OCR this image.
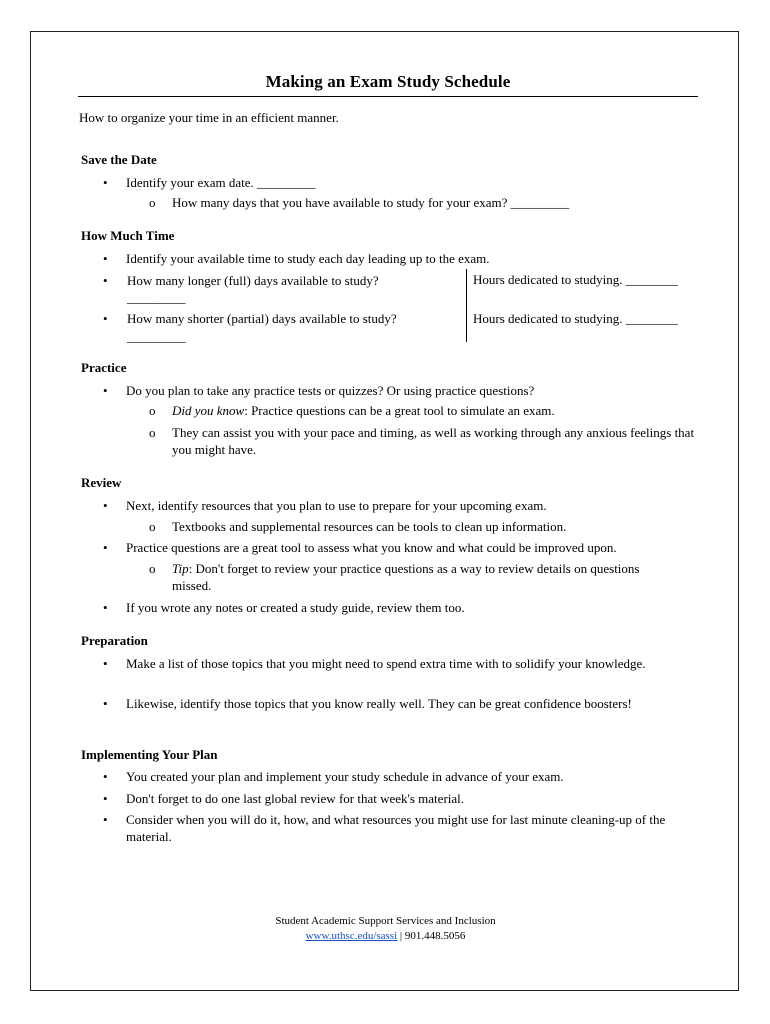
Making an Exam Study Schedule
How to organize your time in an efficient manner.
Save the Date
• Identify your exam date. _________
o How many days that you have available to study for your exam? _________
How Much Time
• Identify your available time to study each day leading up to the exam.
• How many longer (full) days available to study?
_________
Hours dedicated to studying. ________
• How many shorter (partial) days available to study?
_________
Hours dedicated to studying. ________
Practice
• Do you plan to take any practice tests or quizzes? Or using practice questions?
o Did you know: Practice questions can be a great tool to simulate an exam.
o They can assist you with your pace and timing, as well as working through any anxious feelings that you might have.
Review
• Next, identify resources that you plan to use to prepare for your upcoming exam.
o Textbooks and supplemental resources can be tools to clean up information.
• Practice questions are a great tool to assess what you know and what could be improved upon.
o Tip: Don't forget to review your practice questions as a way to review details on questions missed.
• If you wrote any notes or created a study guide, review them too.
Preparation
• Make a list of those topics that you might need to spend extra time with to solidify your knowledge.
• Likewise, identify those topics that you know really well. They can be great confidence boosters!
Implementing Your Plan
• You created your plan and implement your study schedule in advance of your exam.
• Don't forget to do one last global review for that week's material.
• Consider when you will do it, how, and what resources you might use for last minute cleaning-up of the material.
Student Academic Support Services and Inclusion
www.uthsc.edu/sassi | 901.448.5056
